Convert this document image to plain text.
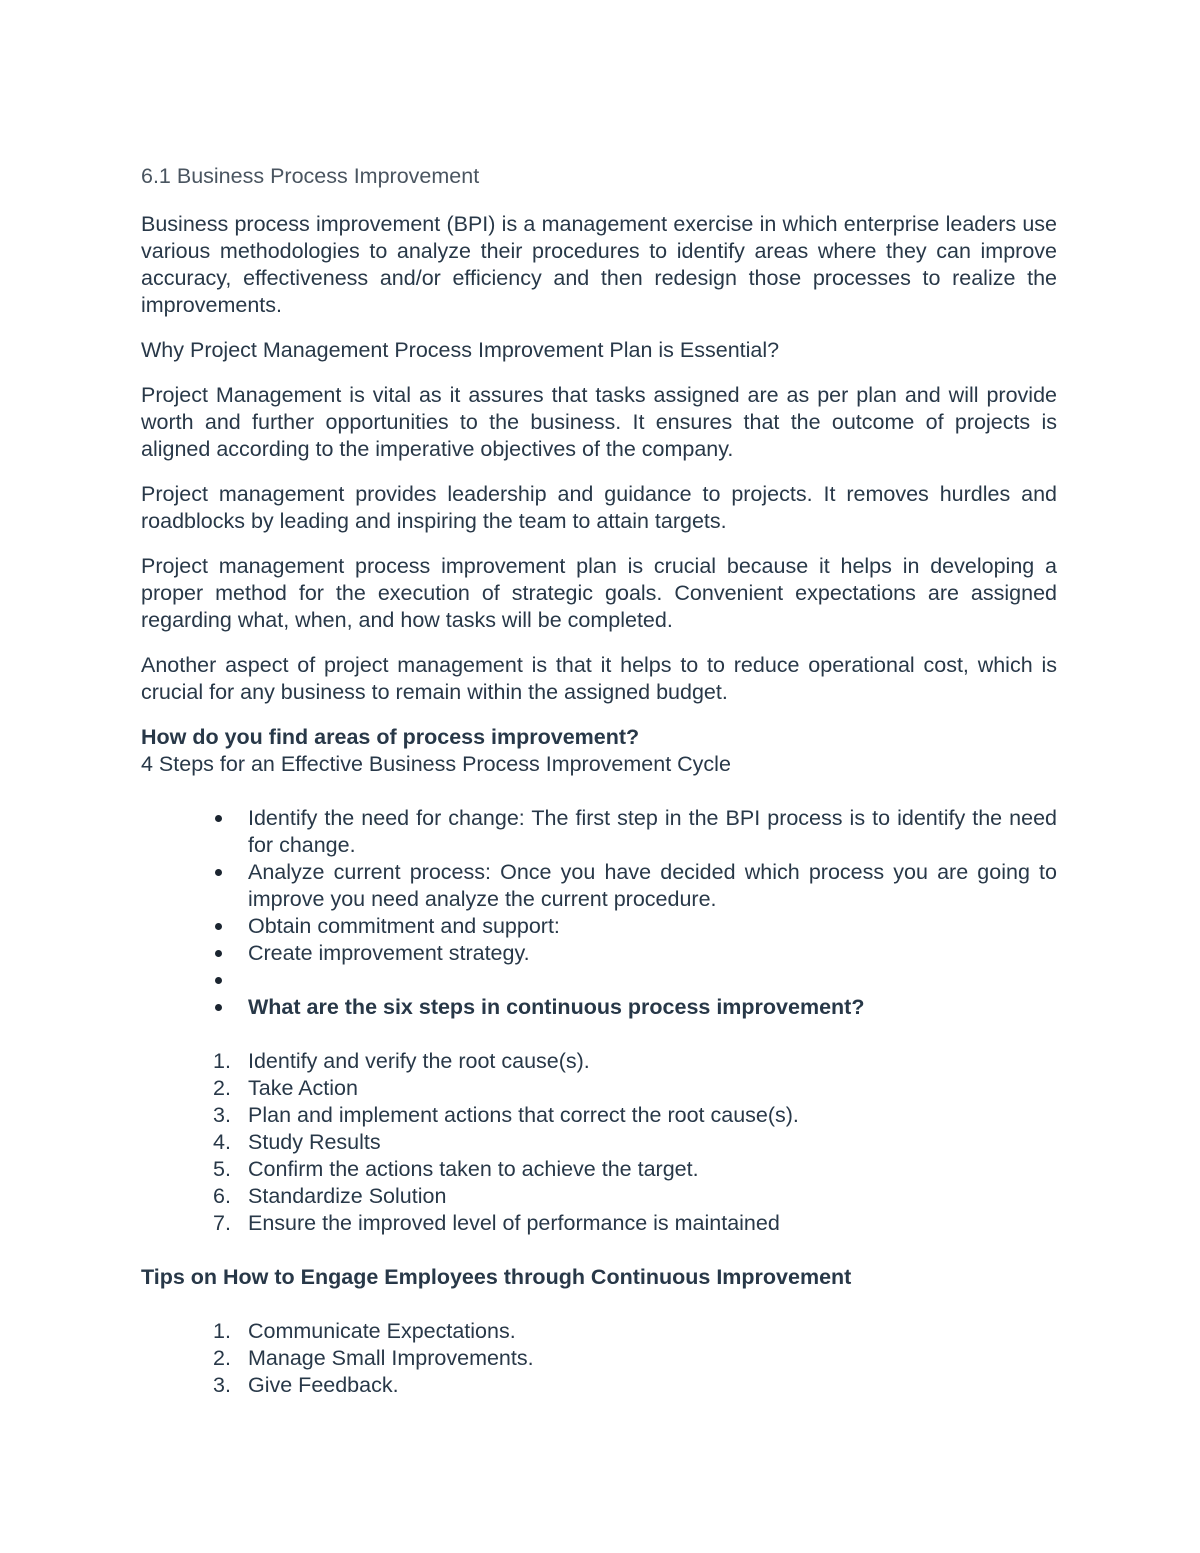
6.1 Business Process Improvement

Business process improvement (BPI) is a management exercise in which enterprise leaders use various methodologies to analyze their procedures to identify areas where they can improve accuracy, effectiveness and/or efficiency and then redesign those processes to realize the improvements.

Why Project Management Process Improvement Plan is Essential?

Project Management is vital as it assures that tasks assigned are as per plan and will provide worth and further opportunities to the business. It ensures that the outcome of projects is aligned according to the imperative objectives of the company.

Project management provides leadership and guidance to projects. It removes hurdles and roadblocks by leading and inspiring the team to attain targets.

Project management process improvement plan is crucial because it helps in developing a proper method for the execution of strategic goals. Convenient expectations are assigned regarding what, when, and how tasks will be completed.

Another aspect of project management is that it helps to to reduce operational cost, which is crucial for any business to remain within the assigned budget.

How do you find areas of process improvement?

4 Steps for an Effective Business Process Improvement Cycle

Identify the need for change: The first step in the BPI process is to identify the need for change.
Analyze current process: Once you have decided which process you are going to improve you need analyze the current procedure.
Obtain commitment and support:
Create improvement strategy.
What are the six steps in continuous process improvement?
1. Identify and verify the root cause(s).
2. Take Action
3. Plan and implement actions that correct the root cause(s).
4. Study Results
5. Confirm the actions taken to achieve the target.
6. Standardize Solution
7. Ensure the improved level of performance is maintained

Tips on How to Engage Employees through Continuous Improvement

1. Communicate Expectations.
2. Manage Small Improvements.
3. Give Feedback.
